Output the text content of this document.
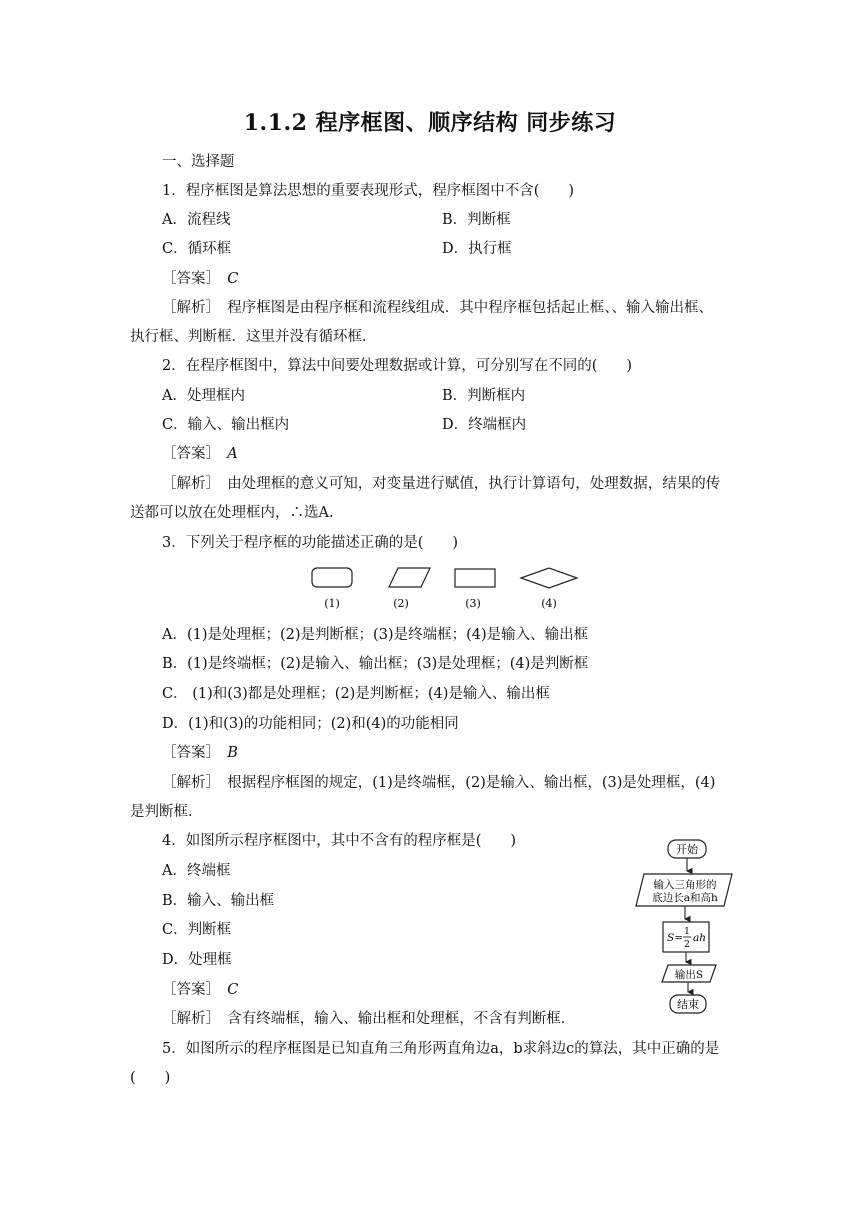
1.1.2 程序框图、顺序结构 同步练习
一、选择题
1．程序框图是算法思想的重要表现形式，程序框图中不含(　　)
A．流程线	B．判断框
C．循环框	D．执行框
［答案］　 C
［解析］　程序框图是由程序框和流程线组成．其中程序框包括起止框、、输入输出框、
执行框、判断框．这里并没有循环框．
2．在程序框图中，算法中间要处理数据或计算，可分别写在不同的(　　)
A．处理框内	B．判断框内
C．输入、输出框内	D．终端框内
［答案］　 A
［解析］　由处理框的意义可知，对变量进行赋值，执行计算语句，处理数据，结果的传
送都可以放在处理框内，∴选A.
3．下列关于程序框的功能描述正确的是(　　)
(1)	(2)	(3)	(4)
A．(1)是处理框；(2)是判断框；(3)是终端框；(4)是输入、输出框
B．(1)是终端框；(2)是输入、输出框；(3)是处理框；(4)是判断框
C． (1)和(3)都是处理框；(2)是判断框；(4)是输入、输出框
D．(1)和(3)的功能相同；(2)和(4)的功能相同
［答案］　 B
［解析］　根据程序框图的规定，(1)是终端框，(2)是输入、输出框，(3)是处理框，(4)
是判断框．
4．如图所示程序框图中，其中不含有的程序框是(　　)
A．终端框
B．输入、输出框
C．判断框
D．处理框
［答案］　 C
［解析］　含有终端框，输入、输出框和处理框，不含有判断框．
开始
输入三角形的
底边长a和高h
S= 1
2
ah
输出S
结束
5．如图所示的程序框图是已知直角三角形两直角边a，b求斜边c的算法，其中正确的是
(　　)
